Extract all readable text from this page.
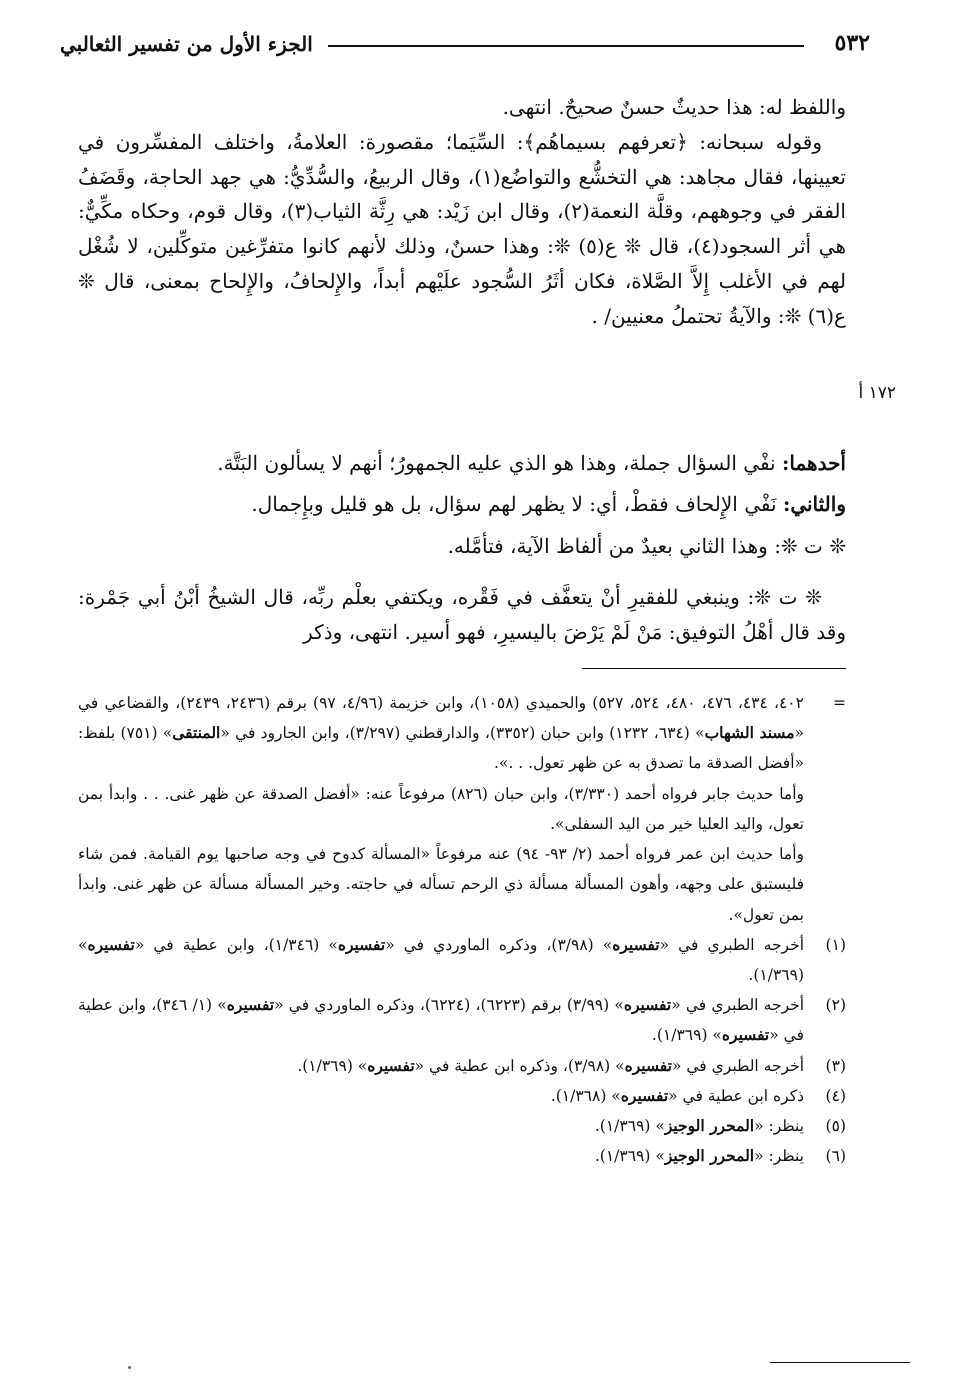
٥٣٢
الجزء الأول من تفسير الثعالبي

واللفظ له: هذا حديثٌ حسنٌ صحيحٌ. انتهى.

وقوله سبحانه: ﴿تعرفهم بسيماهُم﴾: السِّيَما؛ مقصورة: العلامةُ، واختلف المفسِّرون في تعيينها، فقال مجاهد: هي التخشُّع والتواضُع(١)، وقال الربيعُ، والسُّدِّيُّ: هي جهد الحاجة، وقَضَفُ الفقر في وجوههم، وقلَّة النعمة(٢)، وقال ابن زَيْد: هي رِثَّة الثياب(٣)، وقال قوم، وحكاه مكِّيٌّ: هي أثر السجود(٤)، قال ❊ ع(٥) ❊: وهذا حسنٌ، وذلك لأنهم كانوا متفرِّغين متوكِّلين، لا شُغْل لهم في الأغلب إِلاَّ الصَّلاة، فكان أثَرُ السُّجود علَيْهم أبداً، والإِلحافُ، والإِلحاح بمعنى، قال ❊ ع(٦) ❊: والآيةُ تحتملُ معنيين/ .

١٧٢ أ
أحدهما: نفْي السؤال جملة، وهذا هو الذي عليه الجمهورُ؛ أنهم لا يسألون البَتَّة.
والثاني: نَفْي الإِلحاف فقطْ، أي: لا يظهر لهم سؤال، بل هو قليل وبإِجمال.
❊ ت ❊: وهذا الثاني بعيدٌ من ألفاظ الآية، فتأمَّله.
❊ ت ❊: وينبغي للفقيرِ أنْ يتعفَّف في فَقْره، ويكتفي بعلْم ربِّه، قال الشيخُ أبْنُ أبي جَمْرة: وقد قال أهْلُ التوفيق: مَنْ لَمْ يَرْضَ باليسيرِ، فهو أسير. انتهى، وذكر

=
٤٠٢، ٤٣٤، ٤٧٦، ٤٨٠، ٥٢٤، ٥٢٧) والحميدي (١٠٥٨)، وابن خزيمة (٤/٩٦، ٩٧) برقم (٢٤٣٦، ٢٤٣٩)، والقضاعي في «مسند الشهاب» (٦٣٤، ١٢٣٢) وابن حبان (٣٣٥٢)، والدارقطني (٣/٢٩٧)، وابن الجارود في «المنتقى» (٧٥١) بلفظ: «أفضل الصدقة ما تصدق به عن ظهر تعول. . .».

وأما حديث جابر فرواه أحمد (٣/٣٣٠)، وابن حبان (٨٢٦) مرفوعاً عنه: «أفضل الصدقة عن ظهر غنى. . . وابدأ بمن تعول، واليد العليا خير من اليد السفلى».

وأما حديث ابن عمر فرواه أحمد (٢/ ٩٣- ٩٤) عنه مرفوعاً «المسألة كدوح في وجه صاحبها يوم القيامة. فمن شاء فليستبق على وجهه، وأهون المسألة مسألة ذي الرحم تسأله في حاجته. وخير المسألة مسألة عن ظهر غنى. وابدأ بمن تعول».

(١)
أخرجه الطبري في «تفسيره» (٣/٩٨)، وذكره الماوردي في «تفسيره» (١/٣٤٦)، وابن عطية في «تفسيره» (١/٣٦٩).

(٢)
أخرجه الطبري في «تفسيره» (٣/٩٩) برقم (٦٢٢٣)، (٦٢٢٤)، وذكره الماوردي في «تفسيره» (١/ ٣٤٦)، وابن عطية في «تفسيره» (١/٣٦٩).

(٣)
أخرجه الطبري في «تفسيره» (٣/٩٨)، وذكره ابن عطية في «تفسيره» (١/٣٦٩).

(٤)
ذكره ابن عطية في «تفسيره» (١/٣٦٨).

(٥)
ينظر: «المحرر الوجيز» (١/٣٦٩).

(٦)
ينظر: «المحرر الوجيز» (١/٣٦٩).
